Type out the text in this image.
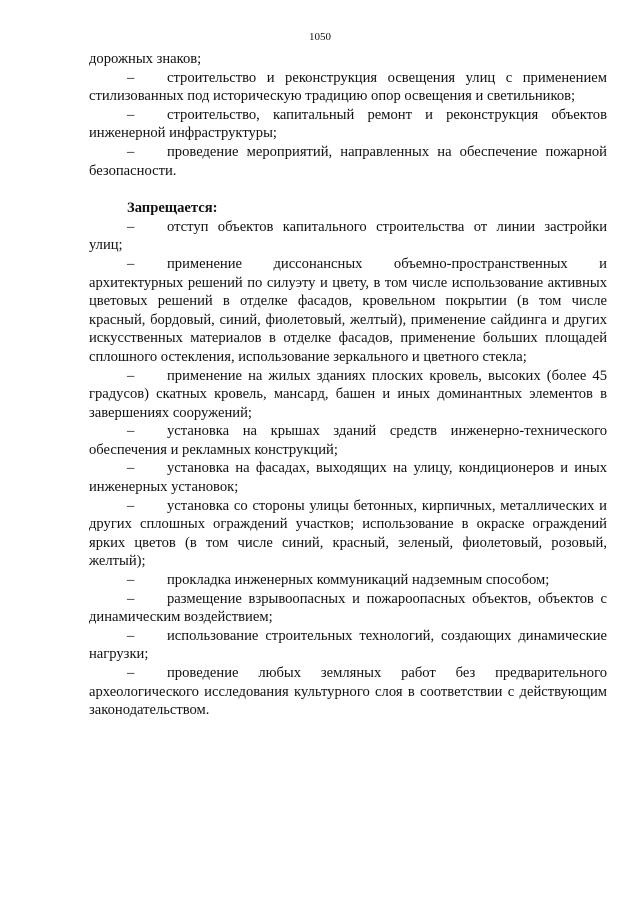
1050

дорожных знаков;

– строительство и реконструкция освещения улиц с применением стилизованных под историческую традицию опор освещения и светильников;

– строительство, капитальный ремонт и реконструкция объектов инженерной инфраструктуры;

– проведение мероприятий, направленных на обеспечение пожарной безопасности.

Запрещается:

– отступ объектов капитального строительства от линии застройки улиц;

– применение диссонансных объемно-пространственных и архитектурных решений по силуэту и цвету, в том числе использование активных цветовых решений в отделке фасадов, кровельном покрытии (в том числе красный, бордовый, синий, фиолетовый, желтый), применение сайдинга и других искусственных материалов в отделке фасадов, применение больших площадей сплошного остекления, использование зеркального и цветного стекла;

– применение на жилых зданиях плоских кровель, высоких (более 45 градусов) скатных кровель, мансард, башен и иных доминантных элементов в завершениях сооружений;

– установка на крышах зданий средств инженерно-технического обеспечения и рекламных конструкций;

– установка на фасадах, выходящих на улицу, кондиционеров и иных инженерных установок;

– установка со стороны улицы бетонных, кирпичных, металлических и других сплошных ограждений участков; использование в окраске ограждений ярких цветов (в том числе синий, красный, зеленый, фиолетовый, розовый, желтый);

– прокладка инженерных коммуникаций надземным способом;

– размещение взрывоопасных и пожароопасных объектов, объектов с динамическим воздействием;

– использование строительных технологий, создающих динамические нагрузки;

– проведение любых земляных работ без предварительного археологического исследования культурного слоя в соответствии с действующим законодательством.
